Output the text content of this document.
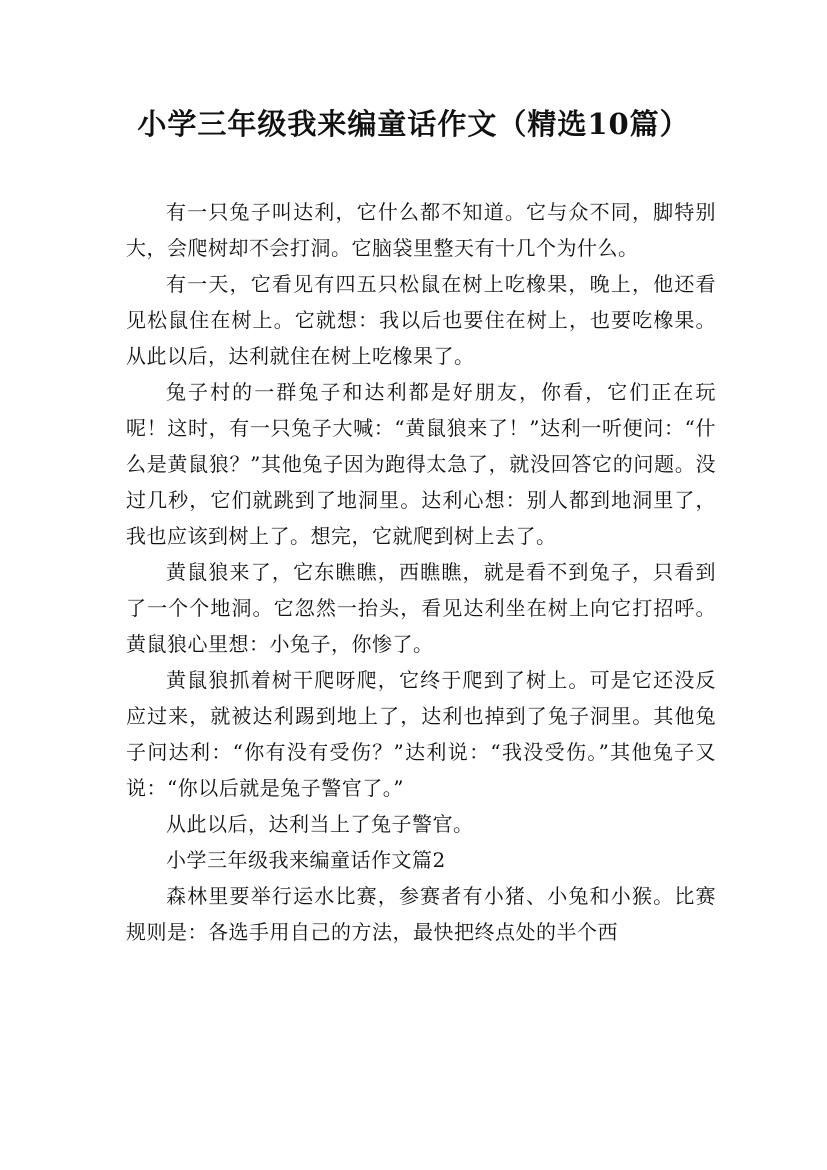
小学三年级我来编童话作文（精选10篇）

有一只兔子叫达利，它什么都不知道。它与众不同，脚特别大，会爬树却不会打洞。它脑袋里整天有十几个为什么。

有一天，它看见有四五只松鼠在树上吃橡果，晚上，他还看见松鼠住在树上。它就想：我以后也要住在树上，也要吃橡果。从此以后，达利就住在树上吃橡果了。

兔子村的一群兔子和达利都是好朋友，你看，它们正在玩呢！这时，有一只兔子大喊：“黄鼠狼来了！”达利一听便问：“什么是黄鼠狼？”其他兔子因为跑得太急了，就没回答它的问题。没过几秒，它们就跳到了地洞里。达利心想：别人都到地洞里了，我也应该到树上了。想完，它就爬到树上去了。

黄鼠狼来了，它东瞧瞧，西瞧瞧，就是看不到兔子，只看到了一个个地洞。它忽然一抬头，看见达利坐在树上向它打招呼。黄鼠狼心里想：小兔子，你惨了。

黄鼠狼抓着树干爬呀爬，它终于爬到了树上。可是它还没反应过来，就被达利踢到地上了，达利也掉到了兔子洞里。其他兔子问达利：“你有没有受伤？”达利说：“我没受伤。”其他兔子又说：“你以后就是兔子警官了。”

从此以后，达利当上了兔子警官。

小学三年级我来编童话作文篇2

森林里要举行运水比赛，参赛者有小猪、小兔和小猴。比赛规则是：各选手用自己的方法，最快把终点处的半个西
